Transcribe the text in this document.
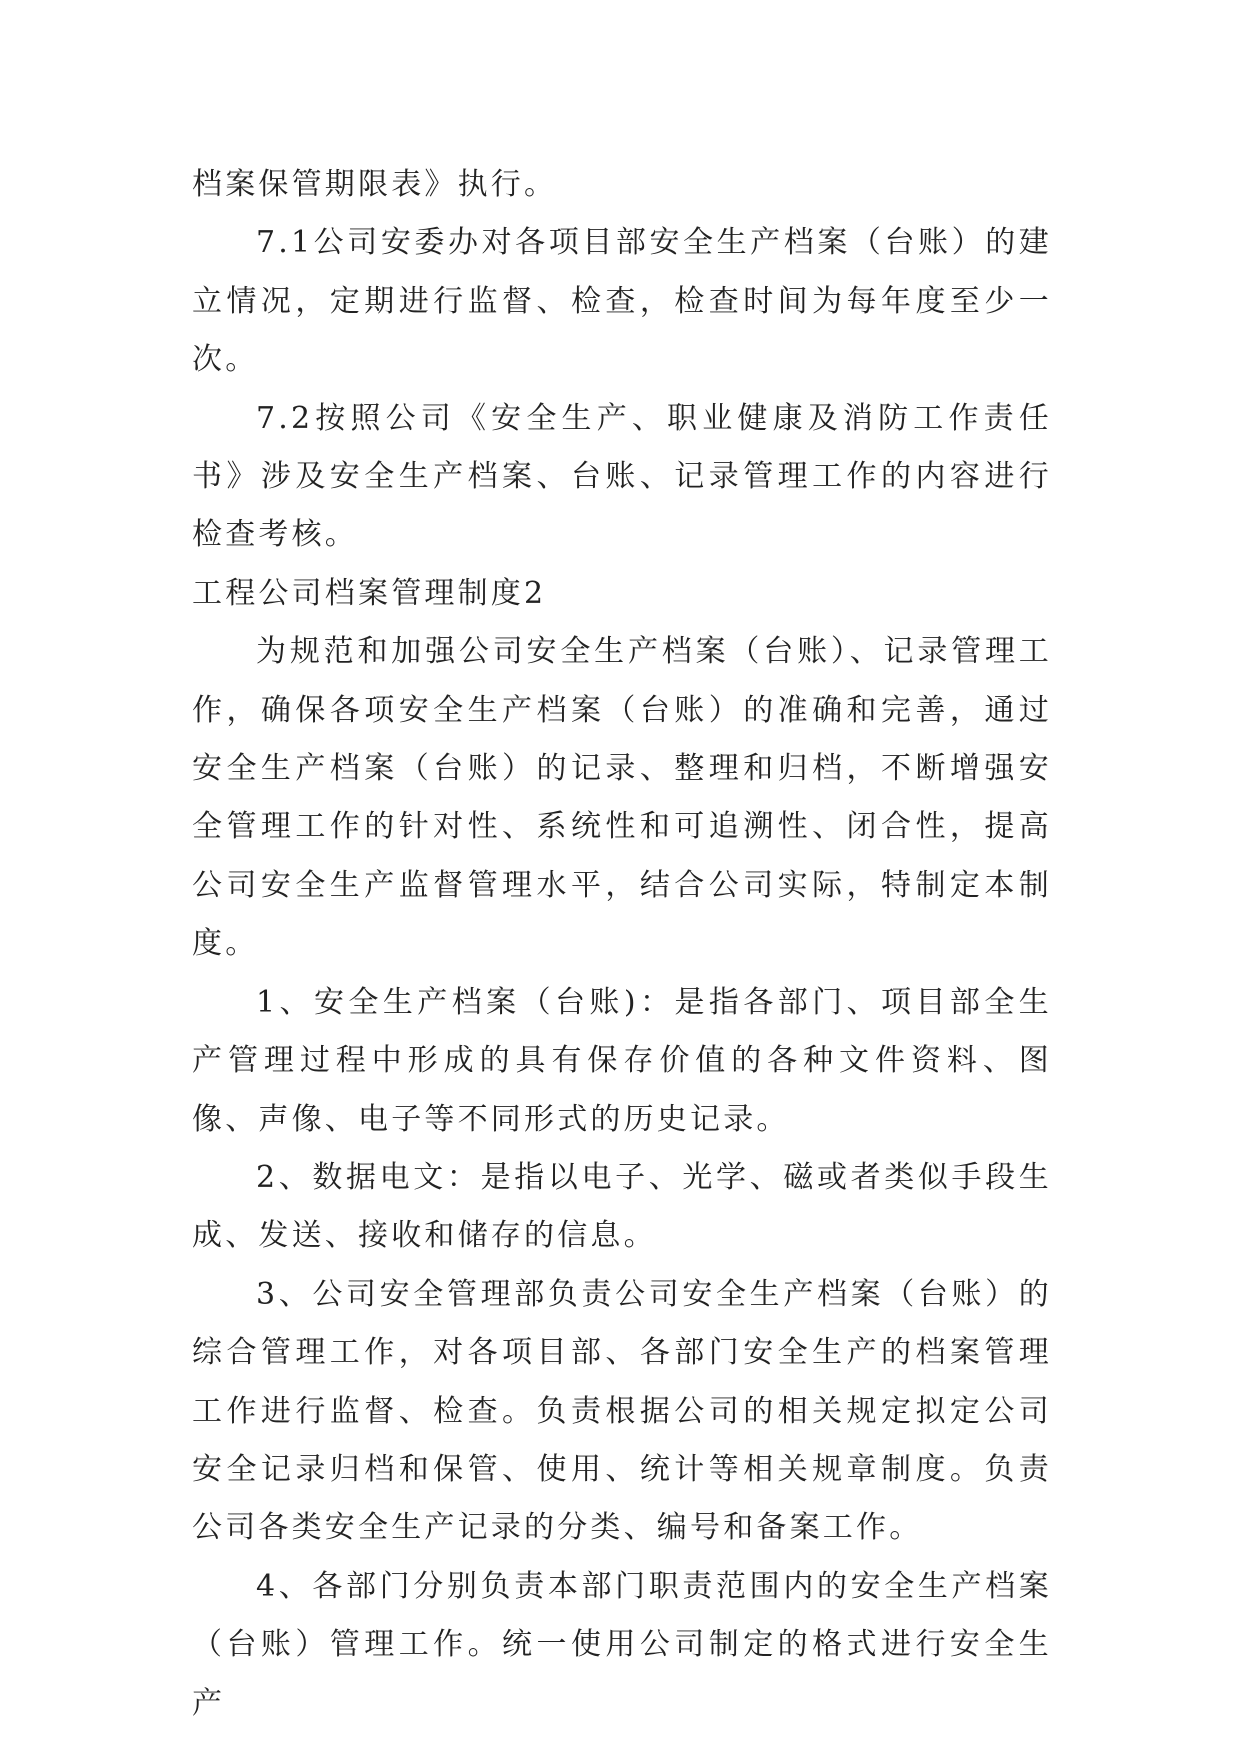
档案保管期限表》执行。

7.1公司安委办对各项目部安全生产档案（台账）的建立情况，定期进行监督、检查，检查时间为每年度至少一次。

7.2按照公司《安全生产、职业健康及消防工作责任书》涉及安全生产档案、台账、记录管理工作的内容进行检查考核。

工程公司档案管理制度2

为规范和加强公司安全生产档案（台账）、记录管理工作，确保各项安全生产档案（台账）的准确和完善，通过安全生产档案（台账）的记录、整理和归档，不断增强安全管理工作的针对性、系统性和可追溯性、闭合性，提高公司安全生产监督管理水平，结合公司实际，特制定本制度。

1、安全生产档案（台账)：是指各部门、项目部全生产管理过程中形成的具有保存价值的各种文件资料、图像、声像、电子等不同形式的历史记录。

2、数据电文：是指以电子、光学、磁或者类似手段生成、发送、接收和储存的信息。

3、公司安全管理部负责公司安全生产档案（台账）的综合管理工作，对各项目部、各部门安全生产的档案管理工作进行监督、检查。负责根据公司的相关规定拟定公司安全记录归档和保管、使用、统计等相关规章制度。负责公司各类安全生产记录的分类、编号和备案工作。

4、各部门分别负责本部门职责范围内的安全生产档案（台账）管理工作。统一使用公司制定的格式进行安全生产
